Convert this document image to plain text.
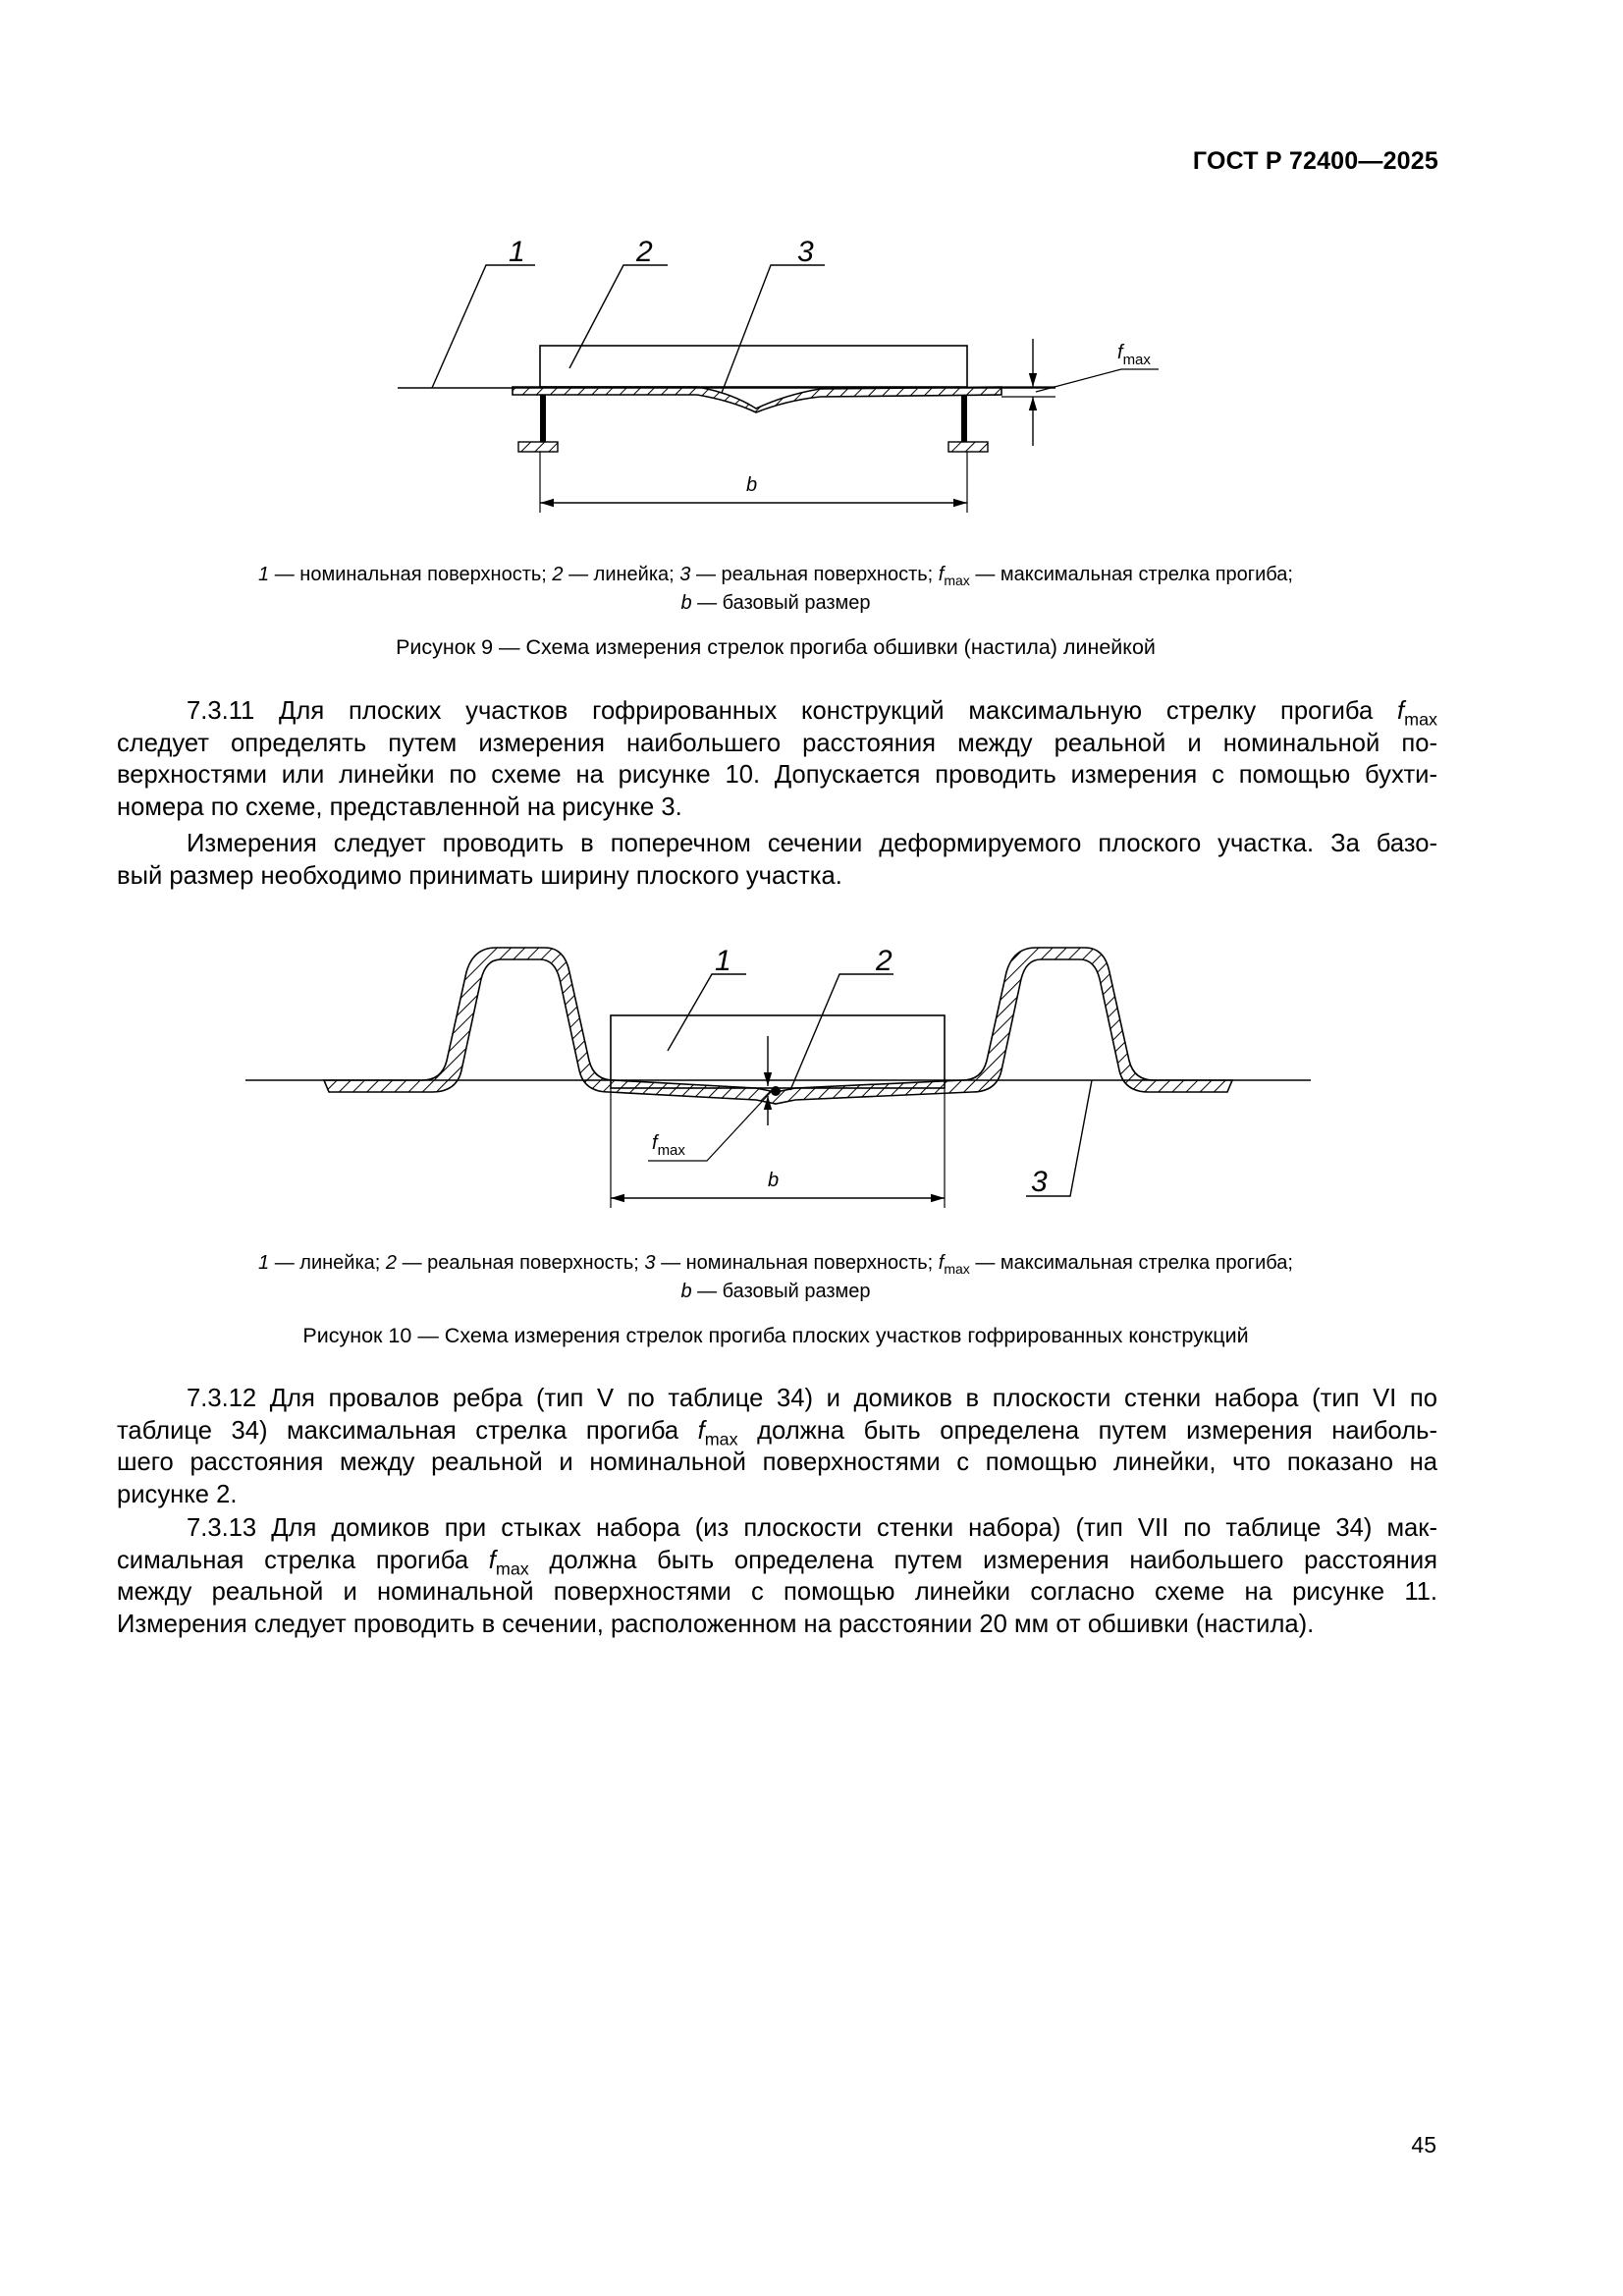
ГОСТ Р 72400—2025
b
$f_{max}$
1	2	3
1 — номинальная поверхность; 2 — линейка; 3 — реальная поверхность; $f_{max}$ — максимальная стрелка прогиба;
b — базовый размер
Рисунок 9 — Схема измерения стрелок прогиба обшивки (настила) линейкой
7.3.11 Для плоских участков гофрированных конструкций максимальную стрелку прогиба $f_{max}$
следует определять путем измерения наибольшего расстояния между реальной и номинальной по-
верхностями или линейки по схеме на рисунке 10. Допускается проводить измерения с помощью бухти-
номера по схеме, представленной на рисунке 3.
Измерения следует проводить в поперечном сечении деформируемого плоского участка. За базо-
вый размер необходимо принимать ширину плоского участка.
$f_{max}$
b
1	2
3
1 — линейка; 2 — реальная поверхность; 3 — номинальная поверхность; $f_{max}$ — максимальная стрелка прогиба;
b — базовый размер
Рисунок 10 — Схема измерения стрелок прогиба плоских участков гофрированных конструкций
7.3.12 Для провалов ребра (тип V по таблице 34) и домиков в плоскости стенки набора (тип VI по
таблице 34) максимальная стрелка прогиба $f_{max}$ должна быть определена путем измерения наиболь-
шего расстояния между реальной и номинальной поверхностями с помощью линейки, что показано на
рисунке 2.
7.3.13 Для домиков при стыках набора (из плоскости стенки набора) (тип VII по таблице 34) мак-
симальная стрелка прогиба $f_{max}$ должна быть определена путем измерения наибольшего расстояния
между реальной и номинальной поверхностями с помощью линейки согласно схеме на рисунке 11.
Измерения следует проводить в сечении, расположенном на расстоянии 20 мм от обшивки (настила).
45
